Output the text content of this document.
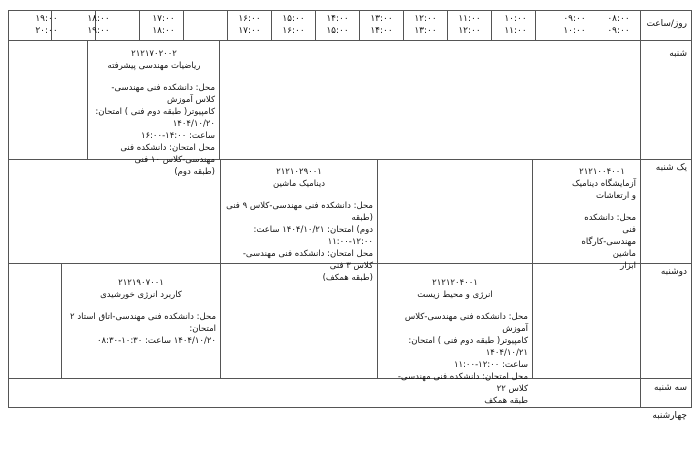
۰۸:۰۰
۰۹:۰۰
۰۹:۰۰
۱۰:۰۰
۱۰:۰۰
۱۱:۰۰
۱۱:۰۰
۱۲:۰۰
۱۲:۰۰
۱۳:۰۰
۱۳:۰۰
۱۴:۰۰
۱۴:۰۰
۱۵:۰۰
۱۵:۰۰
۱۶:۰۰
۱۶:۰۰
۱۷:۰۰
۱۷:۰۰
۱۸:۰۰
۱۸:۰۰
۱۹:۰۰
۱۹:۰۰
۲۰:۰۰
روز/ساعت
شنبه
یک شنبه
دوشنبه
سه شنبه
چهارشنبه
۲۱۲۱۷۰۲۰۰۲
ریاضیات مهندسی پیشرفته
محل: دانشکده فنی مهندسی-کلاس آموزش
کامپیوتر( طبقه دوم فنی ) امتحان: ۱۴۰۴/۱۰/۲۰
ساعت: ۱۴:۰۰-۱۶:۰۰
محل امتحان: دانشکده فنی مهندسی-کلاس ۱۰ فنی
(طبقه دوم)	۲۱۲۱۰۲۹۰۰۱
دینامیک ماشین
محل: دانشکده فنی مهندسی-کلاس ۹ فنی (طبقه
دوم) امتحان: ۱۴۰۴/۱۰/۲۱ ساعت: ۱۲:۰۰-۱۱:۰۰
محل امتحان: دانشکده فنی مهندسی-کلاس ۳ فنی
(طبقه همکف)
۲۱۲۱۰۰۴۰۰۱
آزمایشگاه دینامیک و ارتعاشات
محل: دانشکده فنی
مهندسی-کارگاه ماشین
ابزار
۲۱۲۱۹۰۷۰۰۱
کاربرد انرژی خورشیدی
محل: دانشکده فنی مهندسی-اتاق استاد ۲ امتحان:
۱۴۰۴/۱۰/۲۰ ساعت: ۱۰:۳۰-۰۸:۳۰
۲۱۲۱۲۰۴۰۰۱
انرژی و محیط زیست
محل: دانشکده فنی مهندسی-کلاس آموزش
کامپیوتر( طبقه دوم فنی ) امتحان: ۱۴۰۴/۱۰/۲۱
ساعت: ۱۲:۰۰-۱۱:۰۰
محل امتحان: دانشکده فنی مهندسی-کلاس ۲۲
طبقه همکف
